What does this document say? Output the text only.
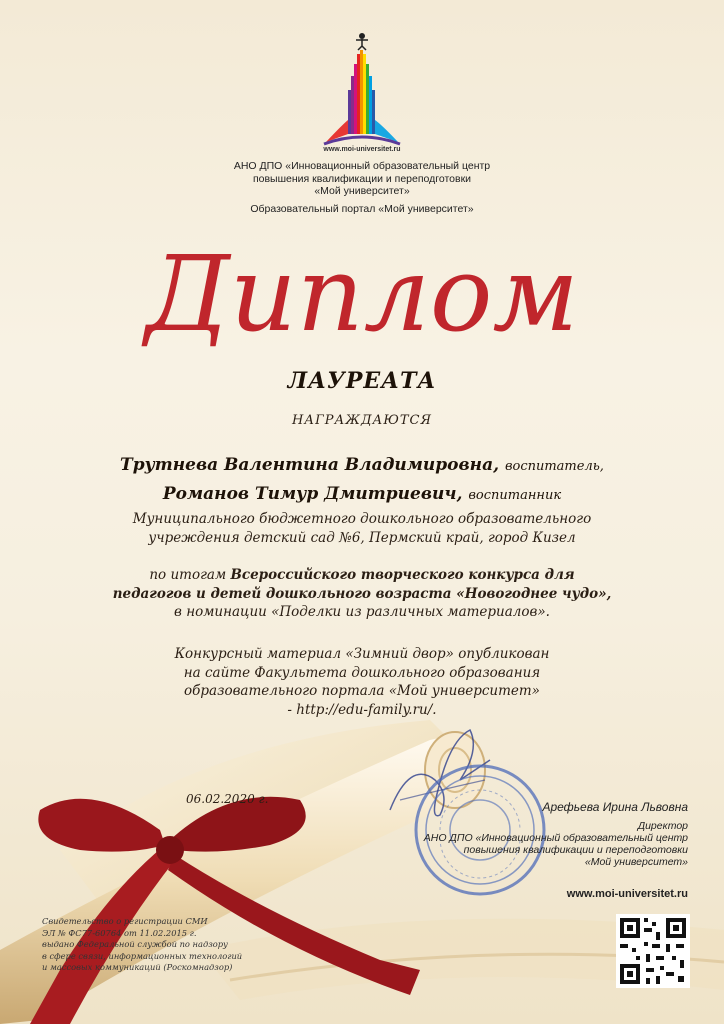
www.moi-universitet.ru
АНО ДПО «Инновационный образовательный центр
повышения квалификации и переподготовки
«Мой университет»
Образовательный портал «Мой университет»
Диплом
ЛАУРЕАТА
НАГРАЖДАЮТСЯ
Трутнева Валентина Владимировна, воспитатель,
Романов Тимур Дмитриевич, воспитанник
Муниципального бюджетного дошкольного образовательного
учреждения детский сад №6, Пермский край, город Кизел
по итогам Всероссийского творческого конкурса для
педагогов и детей дошкольного возраста «Новогоднее чудо»,
в номинации «Поделки из различных материалов».
Конкурсный материал «Зимний двор» опубликован
на сайте Факультета дошкольного образования
образовательного портала «Мой университет»
- http://edu-family.ru/.
06.02.2020 г.
Арефьева Ирина Львовна
Директор
АНО ДПО «Инновационный образовательный центр
повышения квалификации и переподготовки
«Мой университет»
www.moi-universitet.ru
Свидетельство о регистрации СМИ
ЭЛ № ФС77-60764 от 11.02.2015 г.
выдано Федеральной службой по надзору
в сфере связи, информационных технологий
и массовых коммуникаций (Роскомнадзор)
